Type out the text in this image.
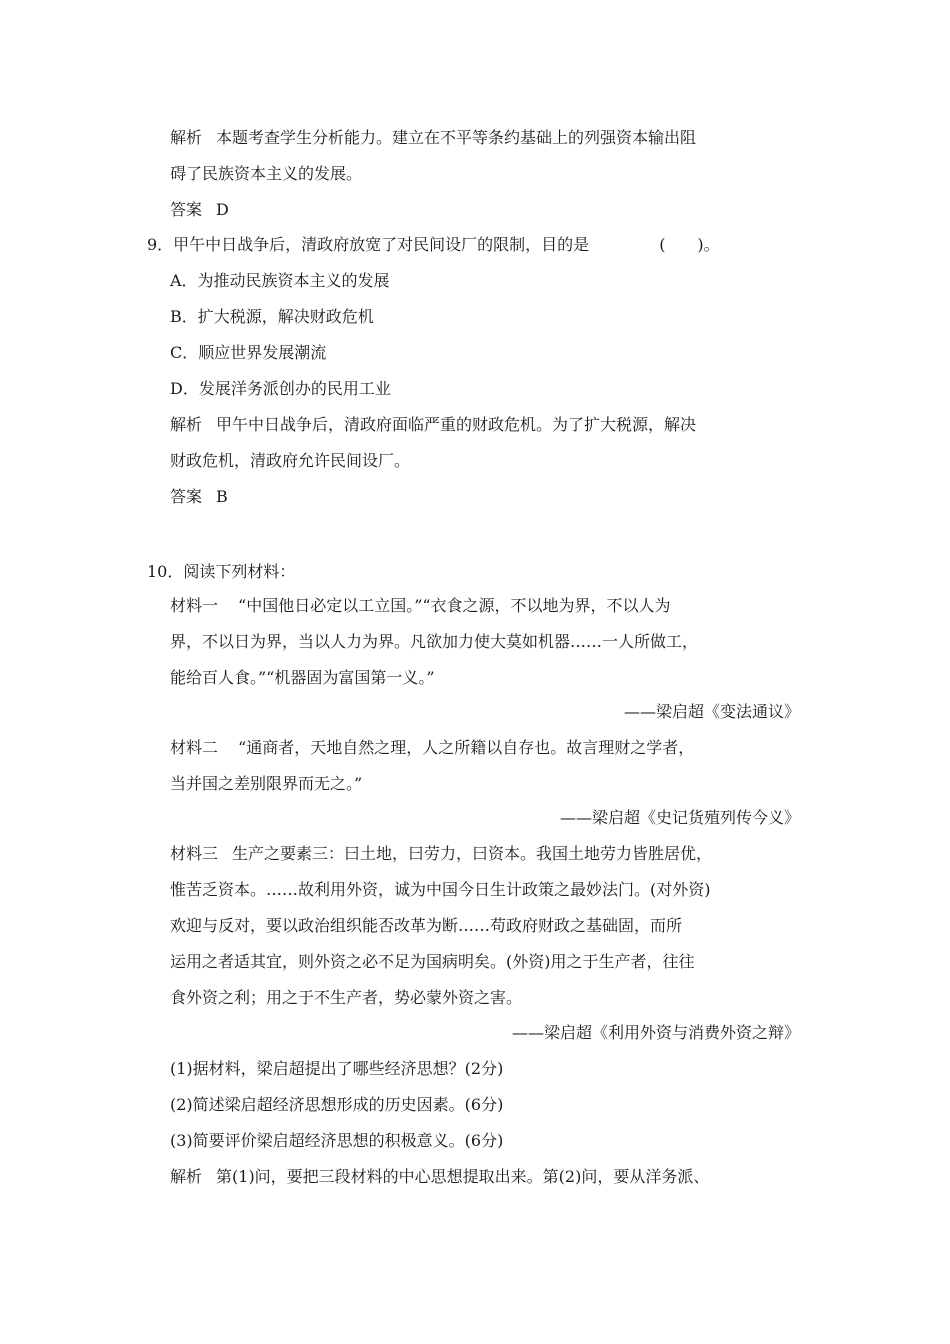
解析 本题考查学生分析能力。建立在不平等条约基础上的列强资本输出阻
碍了民族资本主义的发展。
答案 D
9．甲午中日战争后，清政府放宽了对民间设厂的限制，目的是	(　　)。
A．为推动民族资本主义的发展
B．扩大税源，解决财政危机
C．顺应世界发展潮流
D．发展洋务派创办的民用工业
解析 甲午中日战争后，清政府面临严重的财政危机。为了扩大税源，解决
财政危机，清政府允许民间设厂。
答案 B
10．阅读下列材料：
材料一 “中国他日必定以工立国。”“衣食之源，不以地为界，不以人为
界，不以日为界，当以人力为界。凡欲加力使大莫如机器……一人所做工，
能给百人食。”“机器固为富国第一义。”
——梁启超《变法通议》
材料二 “通商者，天地自然之理，人之所籍以自存也。故言理财之学者，
当并国之差别限界而无之。”
——梁启超《史记货殖列传今义》
材料三 生产之要素三：曰土地，曰劳力，曰资本。我国土地劳力皆胜居优，
惟苦乏资本。……故利用外资，诚为中国今日生计政策之最妙法门。(对外资)
欢迎与反对，要以政治组织能否改革为断……苟政府财政之基础固，而所
运用之者适其宜，则外资之必不足为国病明矣。(外资)用之于生产者，往往
食外资之利；用之于不生产者，势必蒙外资之害。
——梁启超《利用外资与消费外资之辩》
(1)据材料，梁启超提出了哪些经济思想？(2分)
(2)简述梁启超经济思想形成的历史因素。(6分)
(3)简要评价梁启超经济思想的积极意义。(6分)
解析 第(1)问，要把三段材料的中心思想提取出来。第(2)问，要从洋务派、
